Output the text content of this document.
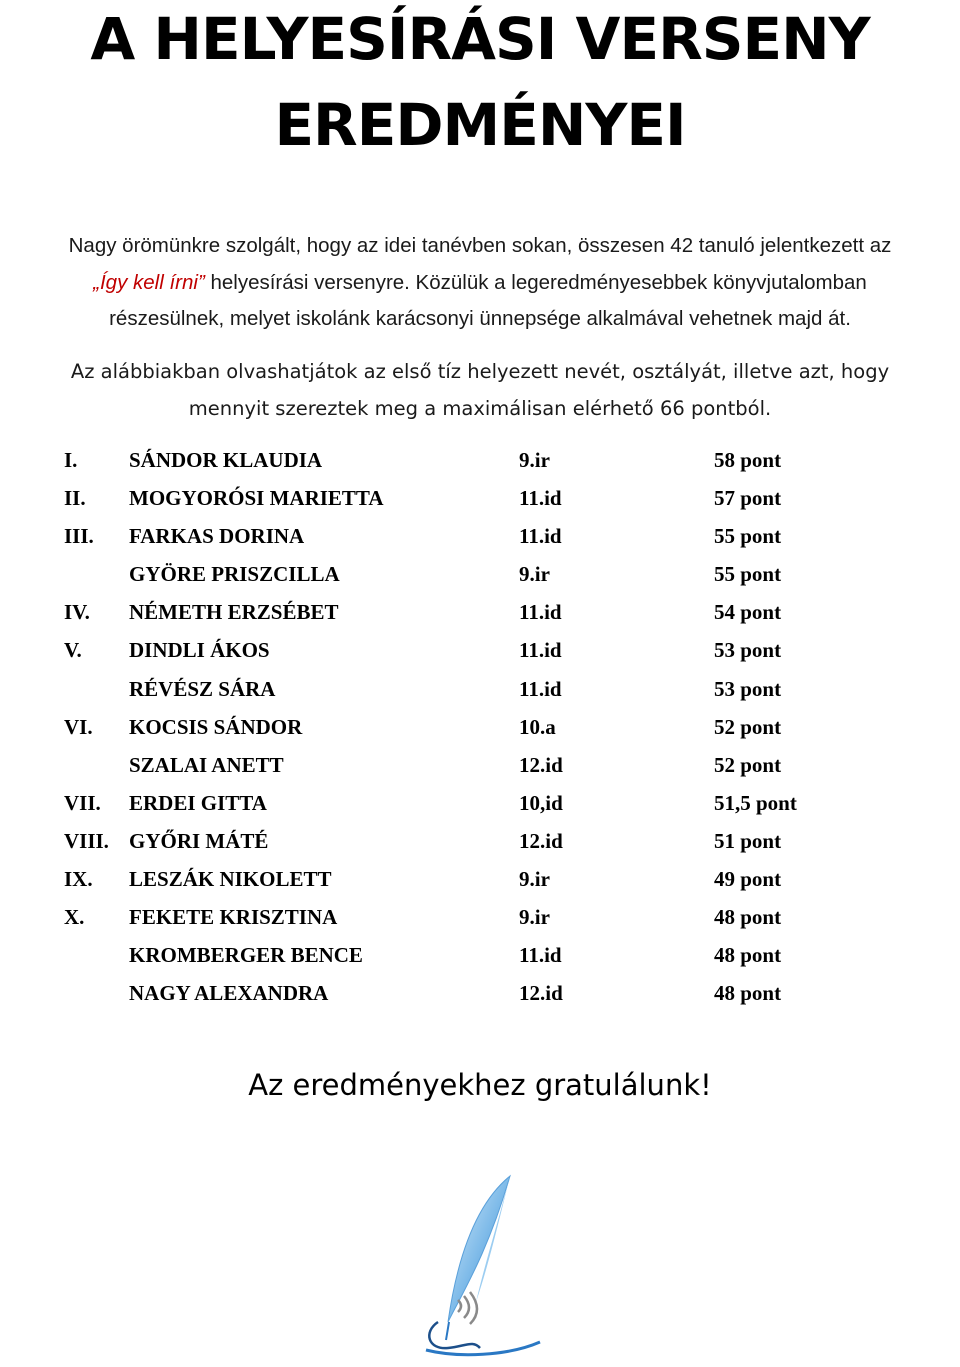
A HELYESÍRÁSI VERSENY
EREDMÉNYEI

Nagy örömünkre szolgált, hogy az idei tanévben sokan, összesen 42 tanuló jelentkezett az
„Így kell írni” helyesírási versenyre. Közülük a legeredményesebbek könyvjutalomban
részesülnek, melyet iskolánk karácsonyi ünnepsége alkalmával vehetnek majd át.

Az alábbiakban olvashatjátok az első tíz helyezett nevét, osztályát, illetve azt, hogy
mennyit szereztek meg a maximálisan elérhető 66 pontból.

I. SÁNDOR KLAUDIA	9.ir	58 pont
II. MOGYORÓSI MARIETTA	11.id	57 pont
III. FARKAS DORINA	11.id	55 pont
GYÖRE PRISZCILLA	9.ir	55 pont
IV. NÉMETH ERZSÉBET	11.id	54 pont
V. DINDLI ÁKOS	11.id	53 pont
RÉVÉSZ SÁRA	11.id	53 pont
VI. KOCSIS SÁNDOR	10.a	52 pont
SZALAI ANETT	12.id	52 pont
VII. ERDEI GITTA	10,id	51,5 pont
VIII. GYŐRI MÁTÉ	12.id	51 pont
IX. LESZÁK NIKOLETT	9.ir	49 pont
X. FEKETE KRISZTINA	9.ir	48 pont
KROMBERGER BENCE	11.id	48 pont
NAGY ALEXANDRA	12.id	48 pont

Az eredményekhez gratulálunk!
